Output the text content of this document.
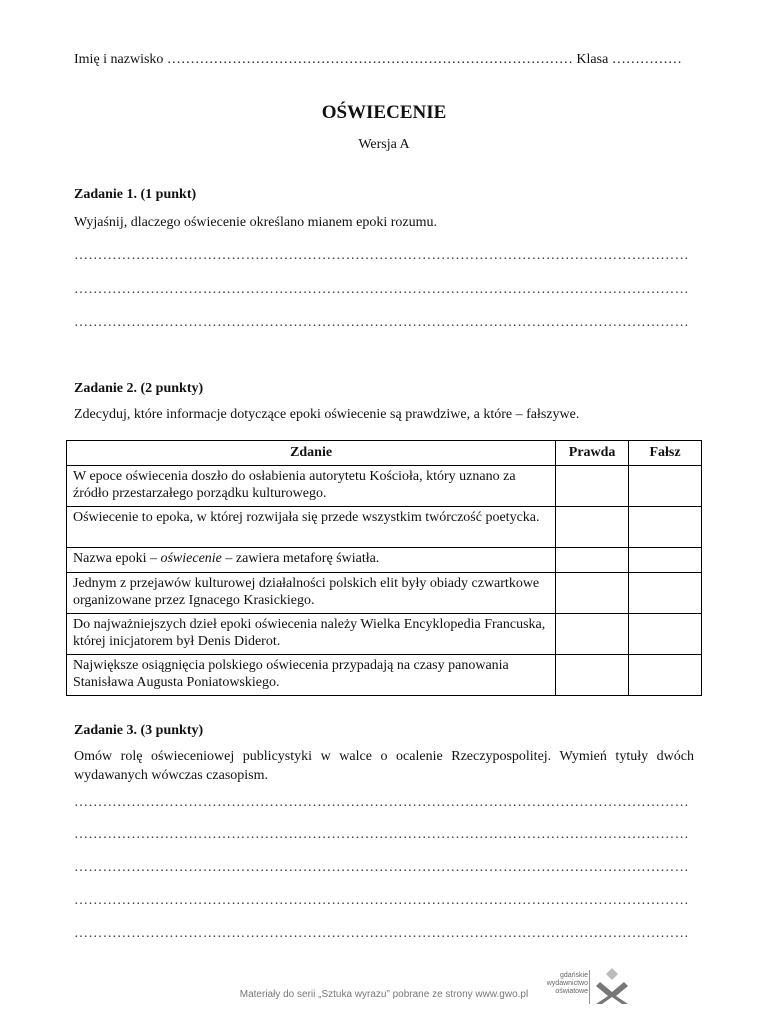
Imię i nazwisko …………………………………………………………………………… Klasa ……………
OŚWIECENIE
Wersja A
Zadanie 1. (1 punkt)
Wyjaśnij, dlaczego oświecenie określano mianem epoki rozumu.
…………………………………………………………………………………………………………………
…………………………………………………………………………………………………………………
…………………………………………………………………………………………………………………
Zadanie 2. (2 punkty)
Zdecyduj, które informacje dotyczące epoki oświecenie są prawdziwe, a które – fałszywe.
Zdanie	Prawda	Fałsz
W epoce oświecenia doszło do osłabienia autorytetu Kościoła, który uznano za źródło przestarzałego porządku kulturowego.		
Oświecenie to epoka, w której rozwijała się przede wszystkim twórczość poetycka.		
Nazwa epoki – oświecenie – zawiera metaforę światła.		
Jednym z przejawów kulturowej działalności polskich elit były obiady czwartkowe organizowane przez Ignacego Krasickiego.		
Do najważniejszych dzieł epoki oświecenia należy Wielka Encyklopedia Francuska, której inicjatorem był Denis Diderot.		
Największe osiągnięcia polskiego oświecenia przypadają na czasy panowania Stanisława Augusta Poniatowskiego.		
Zadanie 3. (3 punkty)
Omów rolę oświeceniowej publicystyki w walce o ocalenie Rzeczypospolitej. Wymień tytuły dwóch wydawanych wówczas czasopism.
…………………………………………………………………………………………………………………
…………………………………………………………………………………………………………………
…………………………………………………………………………………………………………………
…………………………………………………………………………………………………………………
…………………………………………………………………………………………………………………
Materiały do serii „Sztuka wyrazu” pobrane ze strony www.gwo.pl
gdańskie
wydawnictwo
oświatowe
